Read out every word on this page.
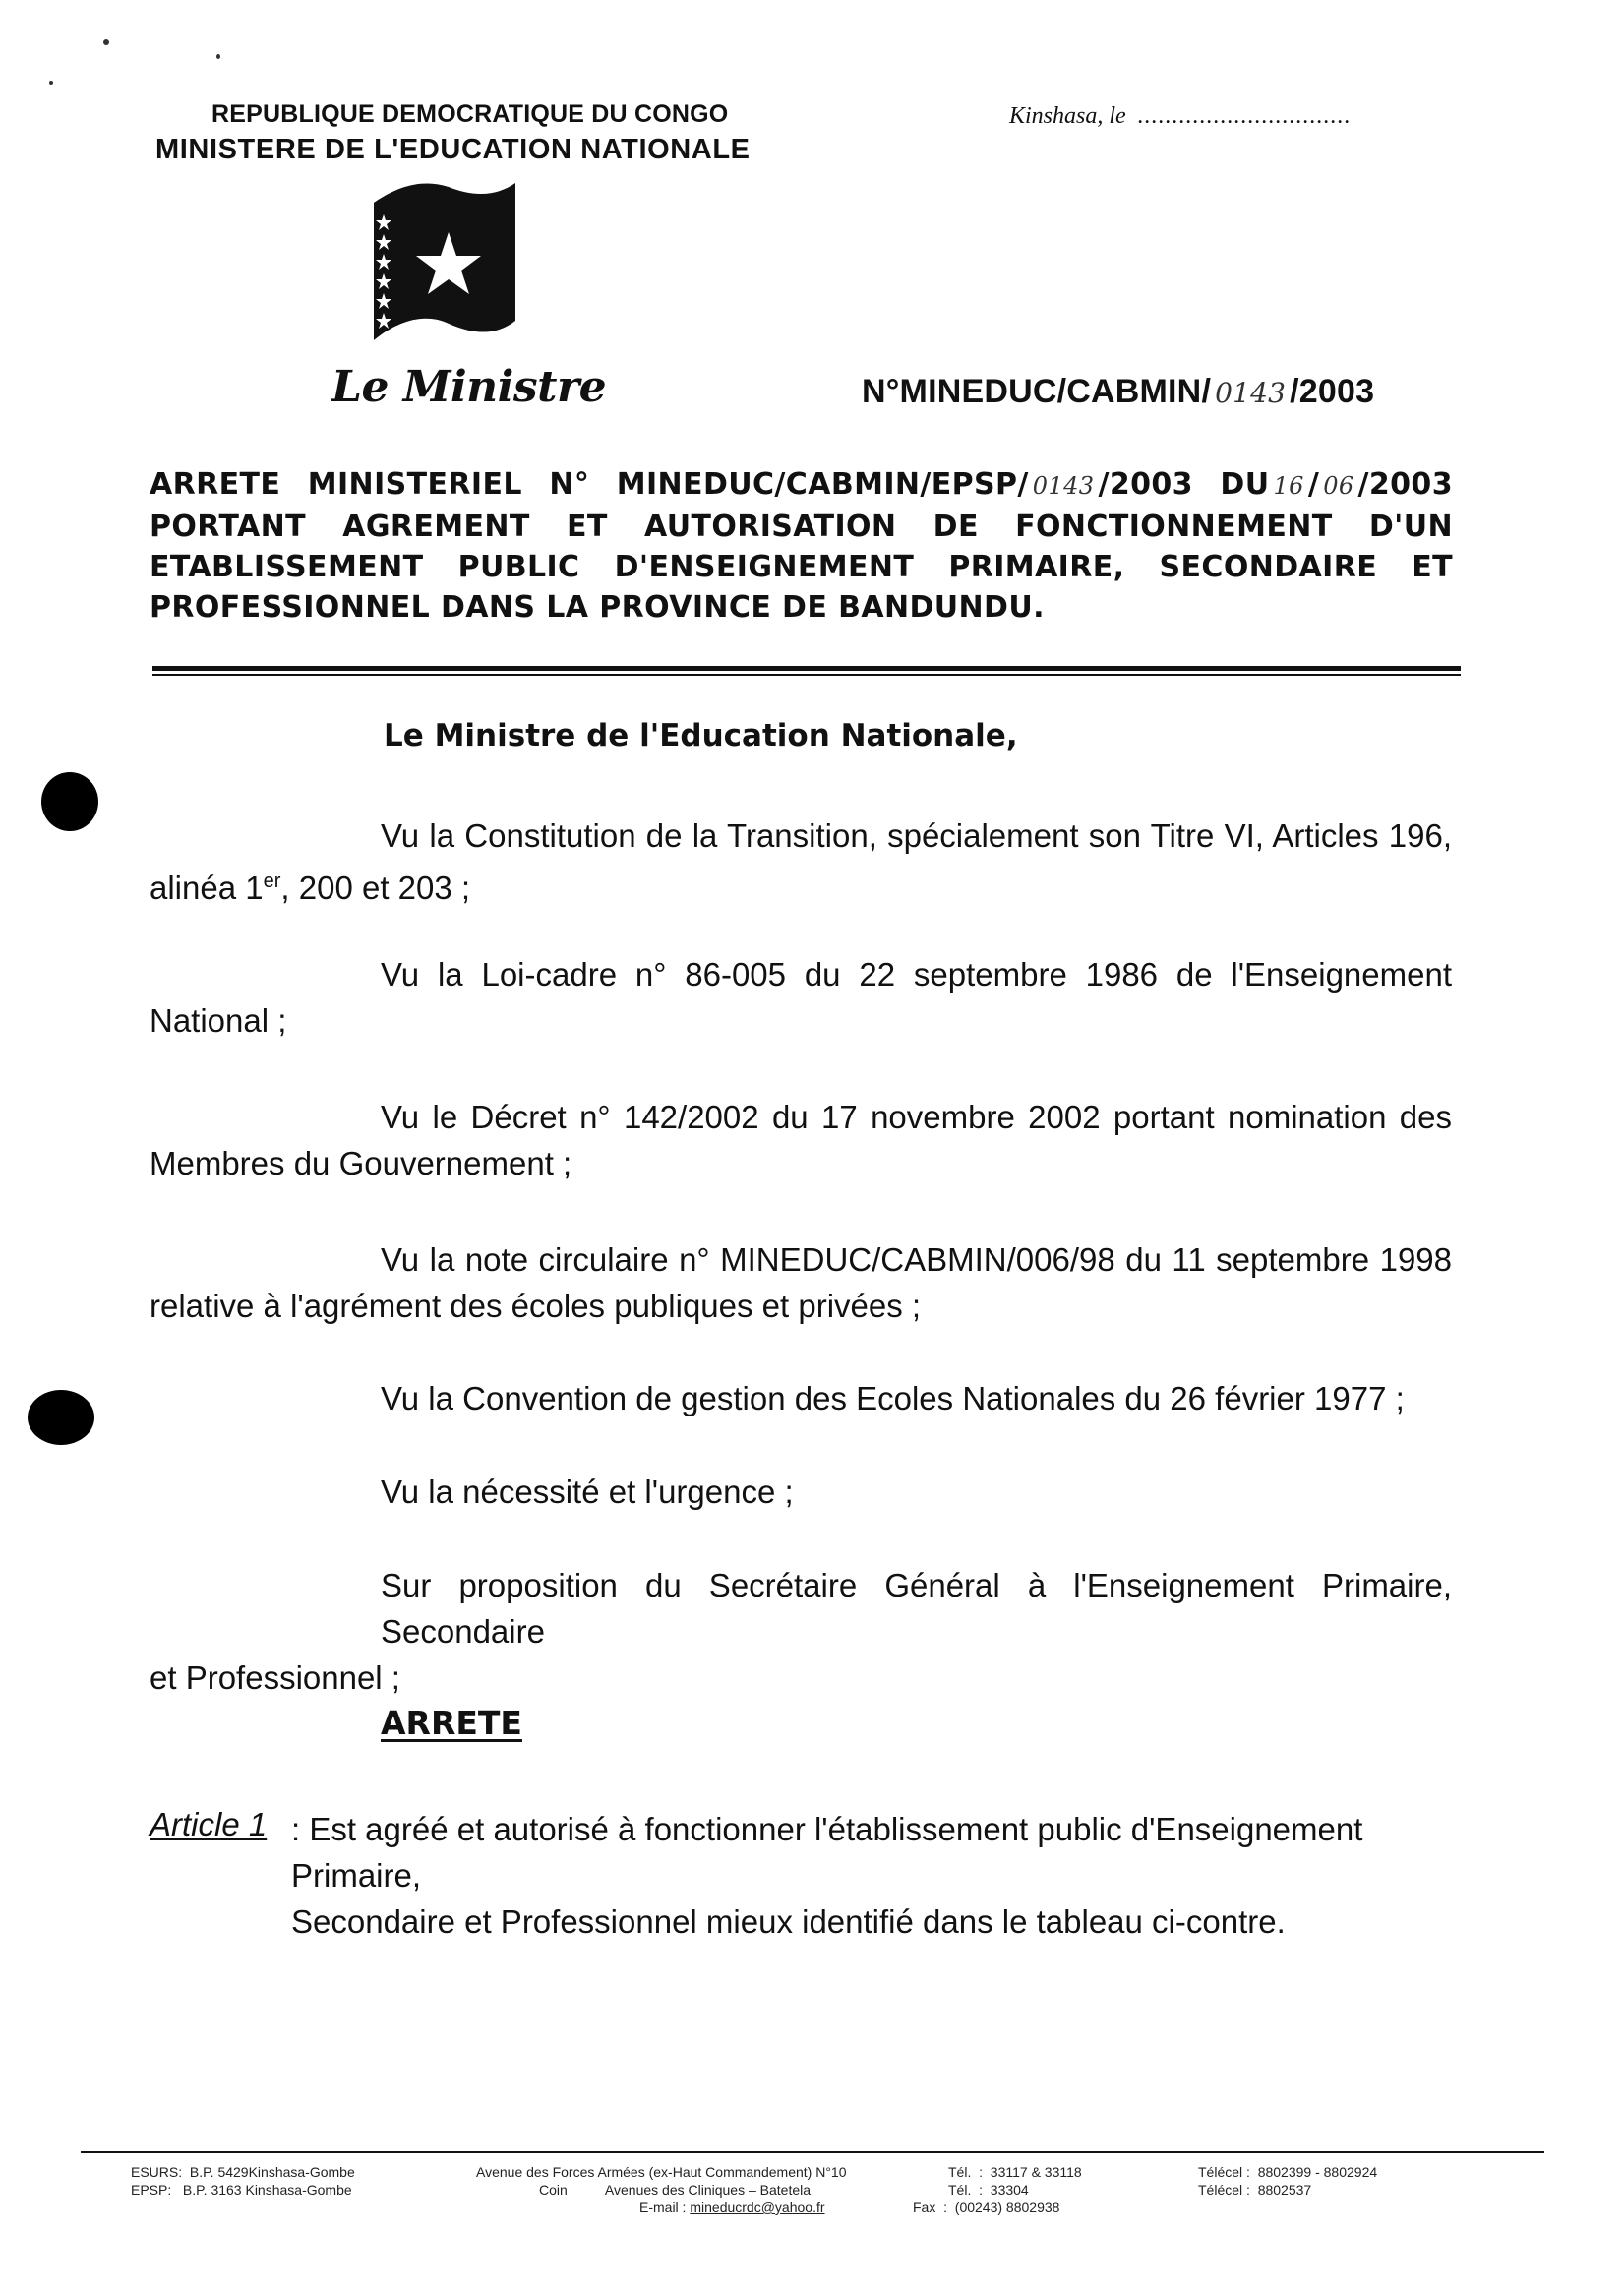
REPUBLIQUE DEMOCRATIQUE DU CONGO
MINISTERE DE L'EDUCATION NATIONALE
Kinshasa, le ...............................
Le Ministre	N°MINEDUC/CABMIN/ 0143 /2003
ARRETE MINISTERIEL N° MINEDUC/CABMIN/EPSP/ 0143 /2003 DU 16 / 06 /2003
PORTANT AGREMENT ET AUTORISATION DE FONCTIONNEMENT D'UN
ETABLISSEMENT PUBLIC D'ENSEIGNEMENT PRIMAIRE, SECONDAIRE ET
PROFESSIONNEL DANS LA PROVINCE DE BANDUNDU.
Le Ministre de l'Education Nationale,
Vu la Constitution de la Transition, spécialement son Titre VI, Articles 196,
alinéa 1er, 200 et 203 ;
Vu la Loi-cadre n° 86-005 du 22 septembre 1986 de l'Enseignement
National ;
Vu le Décret n° 142/2002 du 17 novembre 2002 portant nomination des
Membres du Gouvernement ;
Vu la note circulaire n° MINEDUC/CABMIN/006/98 du 11 septembre 1998
relative à l'agrément des écoles publiques et privées ;
Vu la Convention de gestion des Ecoles Nationales du 26 février 1977 ;
Vu la nécessité et l'urgence ;
Sur proposition du Secrétaire Général à l'Enseignement Primaire, Secondaire
et Professionnel ;
ARRETE
Article 1 : Est agréé et autorisé à fonctionner l'établissement public d'Enseignement Primaire,
Secondaire et Professionnel mieux identifié dans le tableau ci-contre.
ESURS:  B.P. 5429Kinshasa-Gombe
EPSP:   B.P. 3163 Kinshasa-Gombe
Avenue des Forces Armées (ex-Haut Commandement) N°10
Coin          Avenues des Cliniques – Batetela
E-mail : mineducrdc@yahoo.fr
Tél.  :  33117 & 33118
Tél.  :  33304
Fax  :  (00243) 8802938
Télécel :  8802399 - 8802924
Télécel :  8802537
